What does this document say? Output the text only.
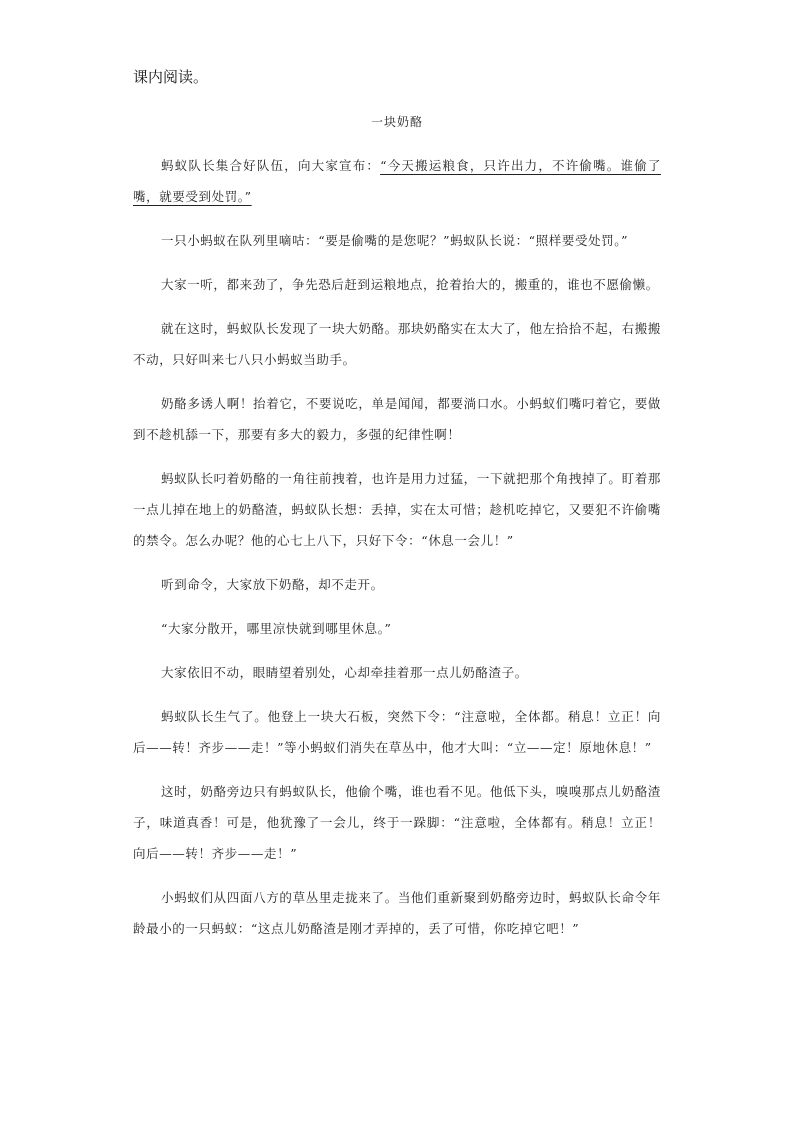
课内阅读。
一块奶酪

蚂蚁队长集合好队伍，向大家宣布：“今天搬运粮食，只许出力，不许偷嘴。谁偷了嘴，就要受到处罚。”

一只小蚂蚁在队列里嘀咕：“要是偷嘴的是您呢？”蚂蚁队长说：“照样要受处罚。”

大家一听，都来劲了，争先恐后赶到运粮地点，抢着抬大的，搬重的，谁也不愿偷懒。

就在这时，蚂蚁队长发现了一块大奶酪。那块奶酪实在太大了，他左拾拾不起，右搬搬不动，只好叫来七八只小蚂蚁当助手。

奶酪多诱人啊！抬着它，不要说吃，单是闻闻，都要淌口水。小蚂蚁们嘴叼着它，要做到不趁机舔一下，那要有多大的毅力，多强的纪律性啊！

蚂蚁队长叼着奶酪的一角往前拽着，也许是用力过猛，一下就把那个角拽掉了。盯着那一点儿掉在地上的奶酪渣，蚂蚁队长想：丢掉，实在太可惜；趁机吃掉它，又要犯不许偷嘴的禁令。怎么办呢？他的心七上八下，只好下令：“休息一会儿！”

听到命令，大家放下奶酪，却不走开。

“大家分散开，哪里凉快就到哪里休息。”

大家依旧不动，眼睛望着别处，心却牵挂着那一点儿奶酪渣子。

蚂蚁队长生气了。他登上一块大石板，突然下令：“注意啦，全体都。稍息！立正！向后——转！齐步——走！”等小蚂蚁们消失在草丛中，他才大叫：“立——定！原地休息！”

这时，奶酪旁边只有蚂蚁队长，他偷个嘴，谁也看不见。他低下头，嗅嗅那点儿奶酪渣子，味道真香！可是，他犹豫了一会儿，终于一跺脚：“注意啦，全体都有。稍息！立正！向后——转！齐步——走！”

小蚂蚁们从四面八方的草丛里走拢来了。当他们重新聚到奶酪旁边时，蚂蚁队长命令年龄最小的一只蚂蚁：“这点儿奶酪渣是刚才弄掉的，丢了可惜，你吃掉它吧！”
